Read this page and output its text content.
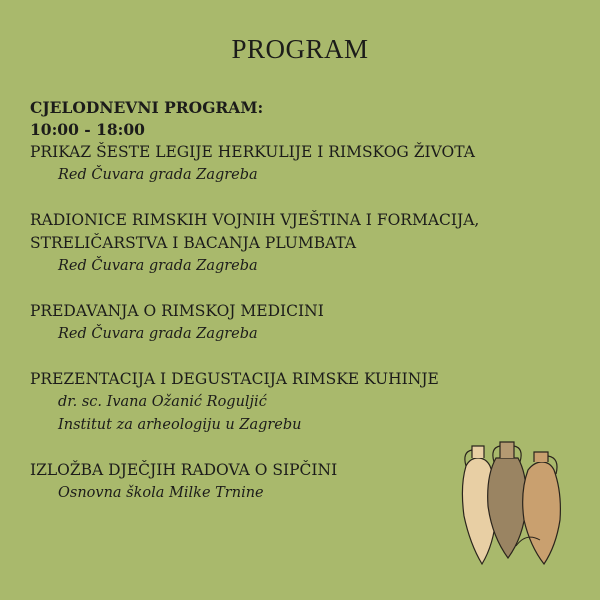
PROGRAM
CJELODNEVNI PROGRAM:
10:00 - 18:00
PRIKAZ ŠESTE LEGIJE HERKULIJE I RIMSKOG ŽIVOTA
Red Čuvara grada Zagreba
RADIONICE RIMSKIH VOJNIH VJEŠTINA I FORMACIJA,
STRELIČARSTVA I BACANJA PLUMBATA
Red Čuvara grada Zagreba
PREDAVANJA O RIMSKOJ MEDICINI
Red Čuvara grada Zagreba
PREZENTACIJA I DEGUSTACIJA RIMSKE KUHINJE
dr. sc. Ivana Ožanić Roguljić
Institut za arheologiju u Zagrebu
IZLOŽBA DJEČJIH RADOVA O SIPČINI
Osnovna škola Milke Trnine
